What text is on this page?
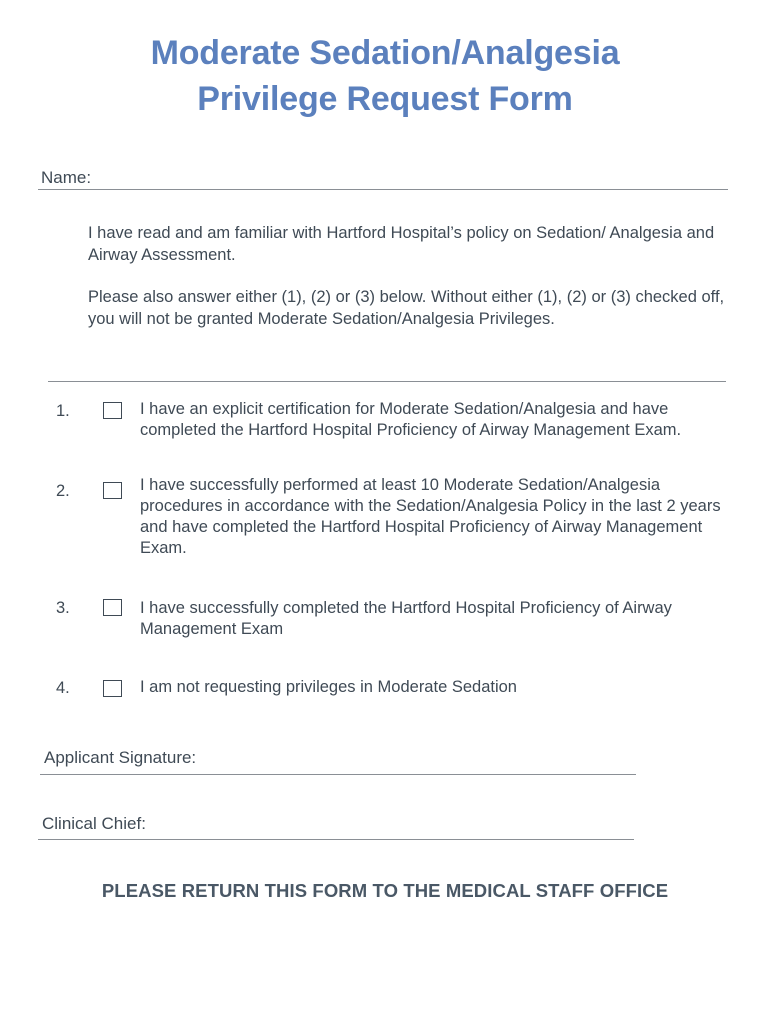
Moderate Sedation/Analgesia
Privilege Request Form
Name:

I have read and am familiar with Hartford Hospital’s policy on Sedation/ Analgesia and Airway Assessment.

Please also answer either (1), (2) or (3) below. Without either (1), (2) or (3) checked off, you will not be granted Moderate Sedation/Analgesia Privileges.

1.	I have an explicit certification for Moderate Sedation/Analgesia and have completed the Hartford Hospital Proficiency of Airway Management Exam.
2.	I have successfully performed at least 10 Moderate Sedation/Analgesia procedures in accordance with the Sedation/Analgesia Policy in the last 2 years and have completed the Hartford Hospital Proficiency of Airway Management Exam.
3.	I have successfully completed the Hartford Hospital Proficiency of Airway Management Exam
4.	I am not requesting privileges in Moderate Sedation
Applicant Signature:
Clinical Chief:
PLEASE RETURN THIS FORM TO THE MEDICAL STAFF OFFICE
